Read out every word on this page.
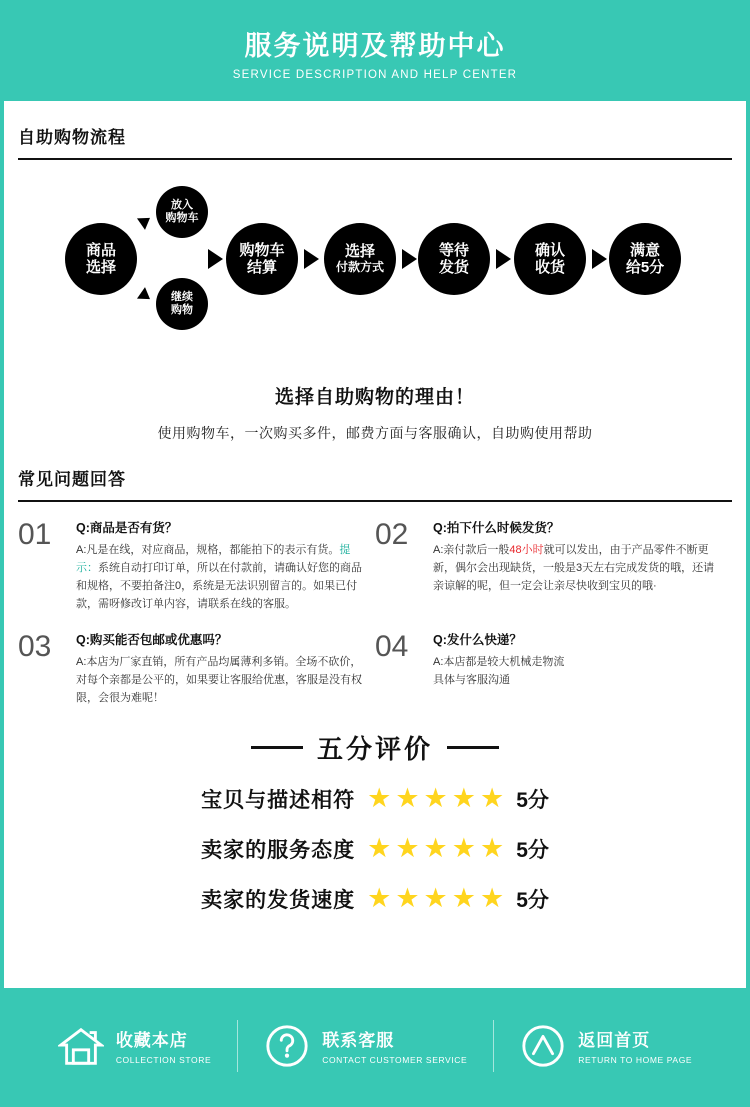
服务说明及帮助中心
SERVICE DESCRIPTION AND HELP CENTER
自助购物流程
商品
选择
放入
购物车
继续
购物
购物车
结算
选择
付款方式
等待
发货
确认
收货
满意
给5分
选择自助购物的理由！
使用购物车，一次购买多件，邮费方面与客服确认，自助购使用帮助
常见问题回答
01	Q:商品是否有货？
A:凡是在线，对应商品，规格，都能拍下的表示有货。提示：系统自动打印订单，所以在付款前，请确认好您的商品和规格，不要拍备注0，系统是无法识别留言的。如果已付款，需呀修改订单内容，请联系在线的客服。
02	Q:拍下什么时候发货？
A:亲付款后一般48小时就可以发出，由于产品零件不断更新，偶尔会出现缺货，一般是3天左右完成发货的哦，还请亲谅解的呢，但一定会让亲尽快收到宝贝的哦·
03	Q:购买能否包邮或优惠吗？
A:本店为厂家直销，所有产品均属薄利多销。全场不砍价，对每个亲都是公平的，如果要让客服给优惠，客服是没有权限，会很为难呢！
04	Q:发什么快递？
A:本店都是较大机械走物流
具体与客服沟通
五分评价
宝贝与描述相符 ★ ★ ★ ★ ★ 5分
卖家的服务态度 ★ ★ ★ ★ ★ 5分
卖家的发货速度 ★ ★ ★ ★ ★ 5分
收藏本店
COLLECTION STORE
联系客服
CONTACT CUSTOMER SERVICE
返回首页
RETURN TO HOME PAGE
